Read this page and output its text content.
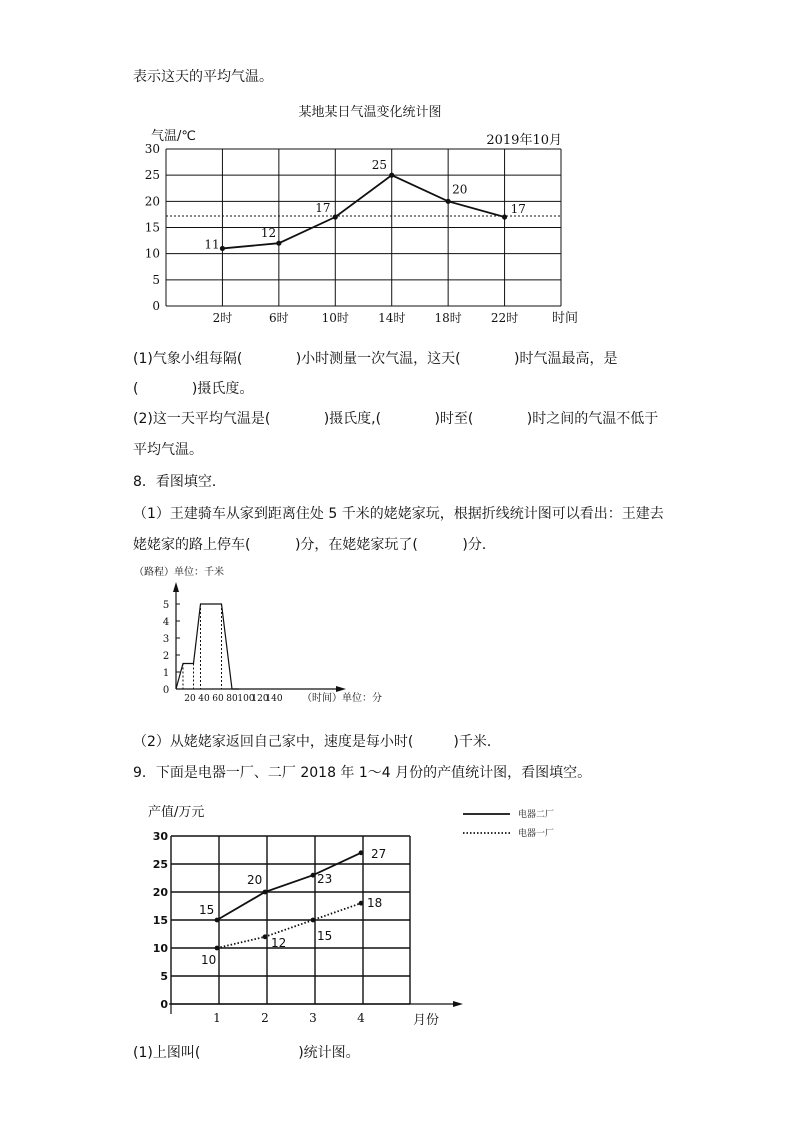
表示这天的平均气温。
(1)气象小组每隔(            )小时测量一次气温，这天(            )时气温最高，是
(            )摄氏度。
(2)这一天平均气温是(            )摄氏度,(            )时至(            )时之间的气温不低于
平均气温。
8．看图填空．
（1）王建骑车从家到距离住处 5 千米的姥姥家玩，根据折线统计图可以看出：王建去
姥姥家的路上停车(          )分，在姥姥家玩了(          )分．
（2）从姥姥家返回自己家中，速度是每小时(         )千米．
9．下面是电器一厂、二厂 2018 年 1～4 月份的产值统计图，看图填空。
(1)上图叫(                      )统计图。
某地某日气温变化统计图
气温/℃	2019年10月
时间
30
25
20
15
10
5
0
2时	6时	10时 14时 18时 22时
11
12
17
25
20
17
（路程）单位：千米
（时间）单位：分
5
4
3
2
1
0
20 40 60 80 100
120
140
产值/万元
月份
电器二厂
电器一厂
30
25
20
15
10
5
0
1	2	3	4
15
20	23
27
10
12	15
18
